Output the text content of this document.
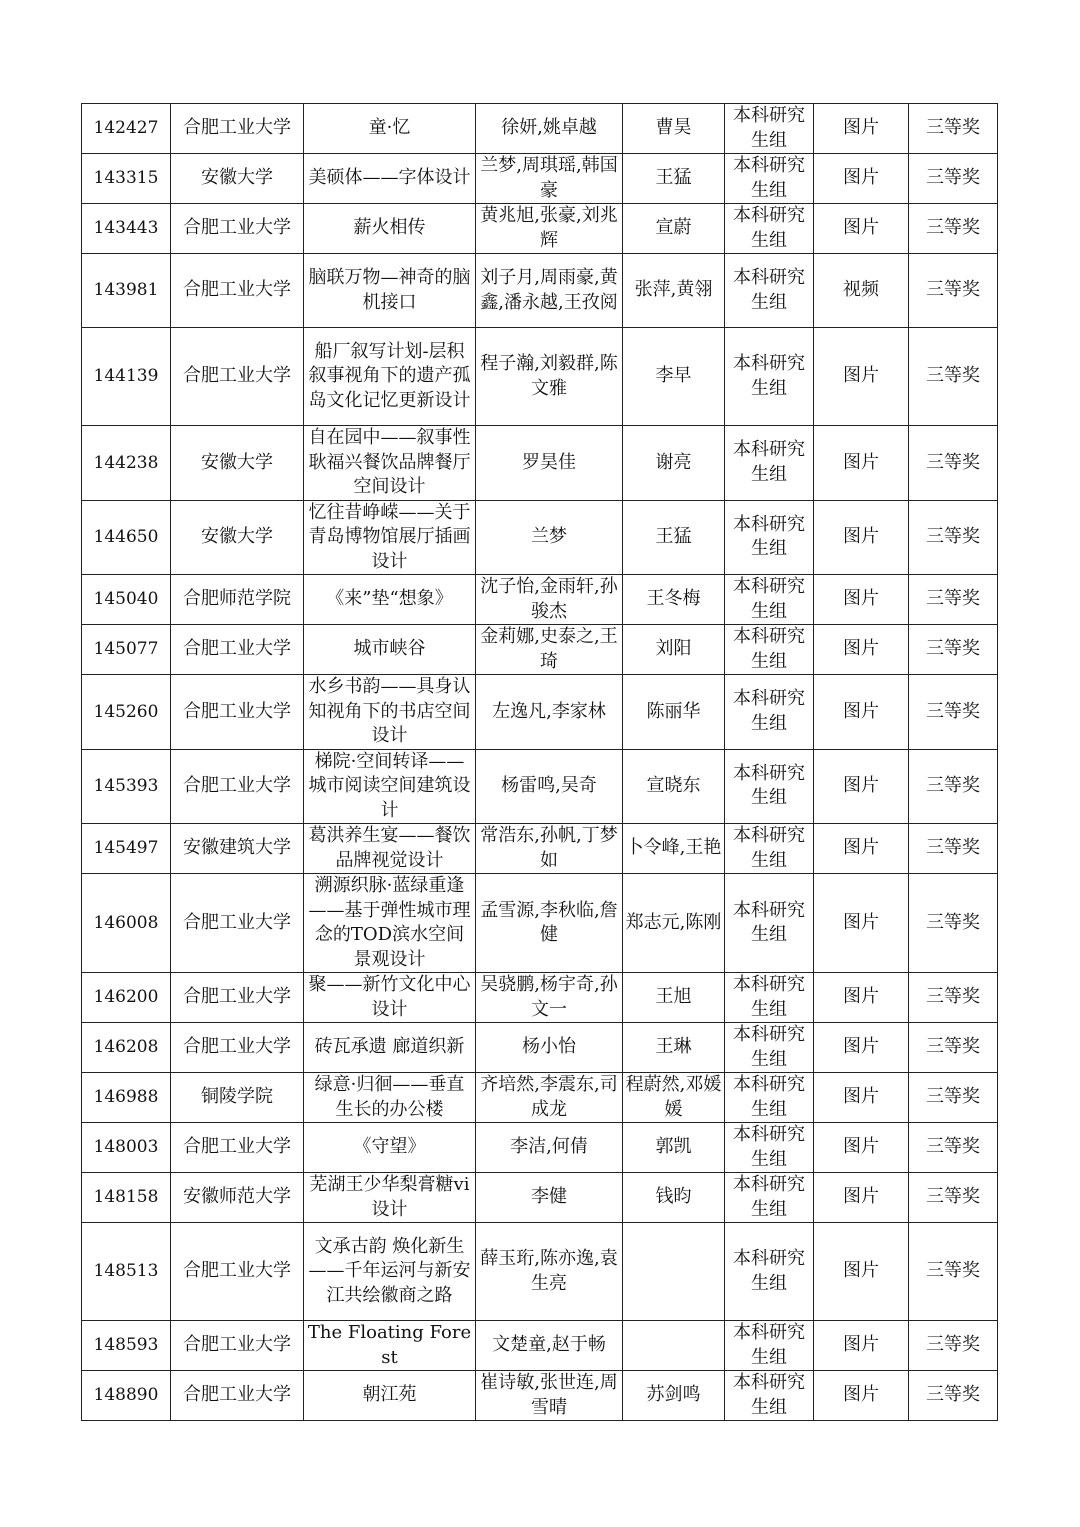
142427	合肥工业大学	童·忆	徐妍,姚卓越	曹昊	本科研究生组	图片	三等奖
143315	安徽大学	美硕体——字体设计	兰梦,周琪瑶,韩国豪	王猛	本科研究生组	图片	三等奖
143443	合肥工业大学	薪火相传	黄兆旭,张豪,刘兆辉	宣蔚	本科研究生组	图片	三等奖
143981	合肥工业大学	脑联万物—神奇的脑机接口	刘子月,周雨豪,黄鑫,潘永越,王孜阅	张萍,黄翎	本科研究生组	视频	三等奖
144139	合肥工业大学	船厂叙写计划-层积叙事视角下的遗产孤岛文化记忆更新设计	程子瀚,刘毅群,陈文雅	李早	本科研究生组	图片	三等奖
144238	安徽大学	自在园中——叙事性耿福兴餐饮品牌餐厅空间设计	罗昊佳	谢亮	本科研究生组	图片	三等奖
144650	安徽大学	忆往昔峥嵘——关于青岛博物馆展厅插画设计	兰梦	王猛	本科研究生组	图片	三等奖
145040	合肥师范学院	《来”垫“想象》	沈子怡,金雨轩,孙骏杰	王冬梅	本科研究生组	图片	三等奖
145077	合肥工业大学	城市峡谷	金莉娜,史泰之,王琦	刘阳	本科研究生组	图片	三等奖
145260	合肥工业大学	水乡书韵——具身认知视角下的书店空间设计	左逸凡,李家林	陈丽华	本科研究生组	图片	三等奖
145393	合肥工业大学	梯院·空间转译——城市阅读空间建筑设计	杨雷鸣,吴奇	宣晓东	本科研究生组	图片	三等奖
145497	安徽建筑大学	葛洪养生宴——餐饮品牌视觉设计	常浩东,孙帆,丁梦如	卜令峰,王艳	本科研究生组	图片	三等奖
146008	合肥工业大学	溯源织脉·蓝绿重逢——基于弹性城市理念的TOD滨水空间景观设计	孟雪源,李秋临,詹健	郑志元,陈刚	本科研究生组	图片	三等奖
146200	合肥工业大学	聚——新竹文化中心设计	吴骁鹏,杨宇奇,孙文一	王旭	本科研究生组	图片	三等奖
146208	合肥工业大学	砖瓦承遗 廊道织新	杨小怡	王琳	本科研究生组	图片	三等奖
146988	铜陵学院	绿意·归徊——垂直生长的办公楼	齐培然,李震东,司成龙	程蔚然,邓媛媛	本科研究生组	图片	三等奖
148003	合肥工业大学	《守望》	李洁,何倩	郭凯	本科研究生组	图片	三等奖
148158	安徽师范大学	芜湖王少华梨膏糖vi设计	李健	钱昀	本科研究生组	图片	三等奖
148513	合肥工业大学	文承古韵 焕化新生——千年运河与新安江共绘徽商之路	薛玉珩,陈亦逸,袁生亮		本科研究生组	图片	三等奖
148593	合肥工业大学	The Floating Forest	文楚童,赵于畅		本科研究生组	图片	三等奖
148890	合肥工业大学	朝江苑	崔诗敏,张世连,周雪晴	苏剑鸣	本科研究生组	图片	三等奖
